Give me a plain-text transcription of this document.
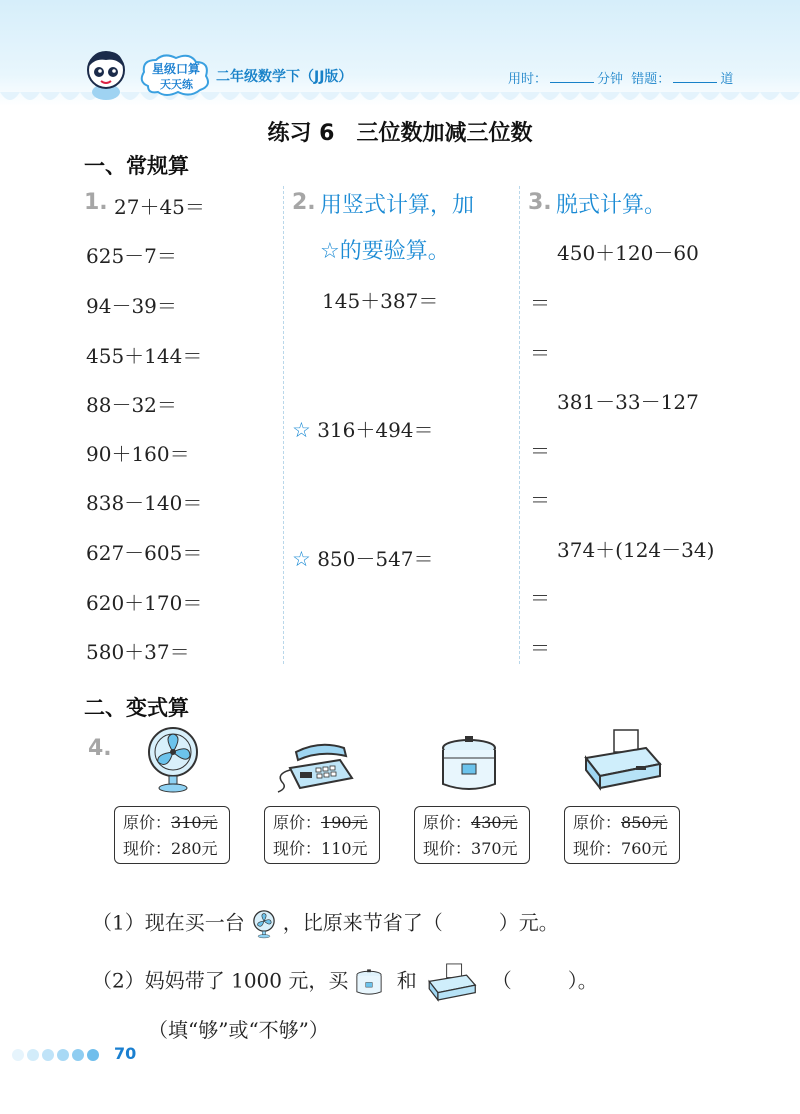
星级口算
天天练 二年级数学下（JJ版）	用时：	分钟 错题：	道
练习 6　三位数加减三位数
一、常规算
1. 27＋45＝
625－7＝
94－39＝
455＋144＝
88－32＝
90＋160＝
838－140＝
627－605＝
620＋170＝
580＋37＝
2. 用竖式计算，加
☆的要验算。
145＋387＝
☆ 316＋494＝
☆ 850－547＝
3. 脱式计算。
450＋120－60
＝
＝
381－33－127
＝
＝
374＋(124－34)
＝
＝
二、变式算
4.
原价：310元
现价：280元
原价：190元
现价：110元
原价：430元
现价：370元
原价：850元
现价：760元
（1）现在买一台 ，比原来节省了（	）元。
（2）妈妈带了 1000 元，买 和	（	）。
（填“够”或“不够”）
70
